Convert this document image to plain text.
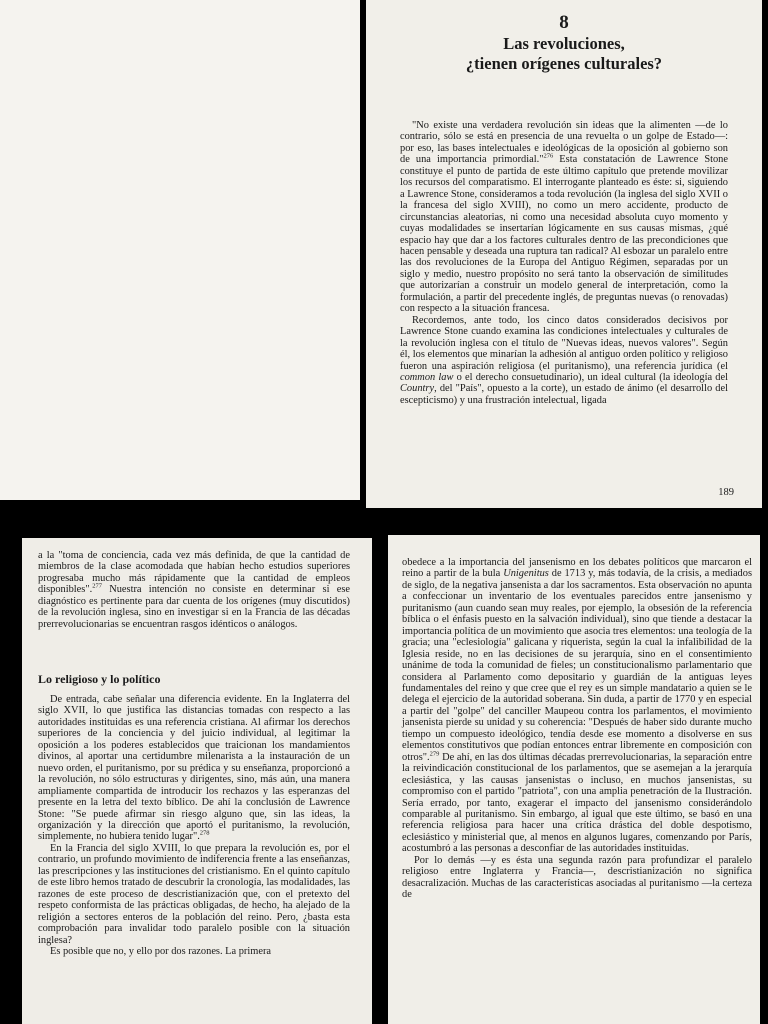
8
Las revoluciones,
¿tienen orígenes culturales?

"No existe una verdadera revolución sin ideas que la alimenten —de lo contrario, sólo se está en presencia de una revuelta o un golpe de Estado—: por eso, las bases intelectuales e ideológicas de la oposición al gobierno son de una importancia primordial."$^{276}$ Esta constatación de Lawrence Stone constituye el punto de partida de este último capítulo que pretende movilizar los recursos del comparatismo. El interrogante planteado es éste: si, siguiendo a Lawrence Stone, consideramos a toda revolución (la inglesa del siglo XVII o la francesa del siglo XVIII), no como un mero accidente, producto de circunstancias aleatorias, ni como una necesidad absoluta cuyo momento y cuyas modalidades se insertarían lógicamente en sus causas mismas, ¿qué espacio hay que dar a los factores culturales dentro de las precondiciones que hacen pensable y deseada una ruptura tan radical? Al esbozar un paralelo entre las dos revoluciones de la Europa del Antiguo Régimen, separadas por un siglo y medio, nuestro propósito no será tanto la observación de similitudes que autorizarían a construir un modelo general de interpretación, como la formulación, a partir del precedente inglés, de preguntas nuevas (o renovadas) con respecto a la situación francesa.

Recordemos, ante todo, los cinco datos considerados decisivos por Lawrence Stone cuando examina las condiciones intelectuales y culturales de la revolución inglesa con el título de "Nuevas ideas, nuevos valores". Según él, los elementos que minarían la adhesión al antiguo orden político y religioso fueron una aspiración religiosa (el puritanismo), una referencia jurídica (el common law o el derecho consuetudinario), un ideal cultural (la ideología del Country, del "País", opuesto a la corte), un estado de ánimo (el desarrollo del escepticismo) y una frustración intelectual, ligada

189

a la "toma de conciencia, cada vez más definida, de que la cantidad de miembros de la clase acomodada que habían hecho estudios superiores progresaba mucho más rápidamente que la cantidad de empleos disponibles".$^{277}$ Nuestra intención no consiste en determinar si ese diagnóstico es pertinente para dar cuenta de los orígenes (muy discutidos) de la revolución inglesa, sino en investigar si en la Francia de las décadas prerrevolucionarias se encuentran rasgos idénticos o análogos.

Lo religioso y lo político

De entrada, cabe señalar una diferencia evidente. En la Inglaterra del siglo XVII, lo que justifica las distancias tomadas con respecto a las autoridades instituidas es una referencia cristiana. Al afirmar los derechos superiores de la conciencia y del juicio individual, al legitimar la oposición a los poderes establecidos que traicionan los mandamientos divinos, al aportar una certidumbre milenarista a la instauración de un nuevo orden, el puritanismo, por su prédica y su enseñanza, proporcionó a la revolución, no sólo estructuras y dirigentes, sino, más aún, una manera ampliamente compartida de introducir los rechazos y las esperanzas del presente en la letra del texto bíblico. De ahí la conclusión de Lawrence Stone: "Se puede afirmar sin riesgo alguno que, sin las ideas, la organización y la dirección que aportó el puritanismo, la revolución, simplemente, no hubiera tenido lugar".$^{278}$

En la Francia del siglo XVIII, lo que prepara la revolución es, por el contrario, un profundo movimiento de indiferencia frente a las enseñanzas, las prescripciones y las instituciones del cristianismo. En el quinto capítulo de este libro hemos tratado de descubrir la cronología, las modalidades, las razones de este proceso de descristianización que, con el pretexto del respeto conformista de las prácticas obligadas, de hecho, ha alejado de la religión a sectores enteros de la población del reino. Pero, ¿basta esta comprobación para invalidar todo paralelo posible con la situación inglesa?

Es posible que no, y ello por dos razones. La primera

obedece a la importancia del jansenismo en los debates políticos que marcaron el reino a partir de la bula Unigenitus de 1713 y, más todavía, de la crisis, a mediados de siglo, de la negativa jansenista a dar los sacramentos. Esta observación no apunta a confeccionar un inventario de los eventuales parecidos entre jansenismo y puritanismo (aun cuando sean muy reales, por ejemplo, la obsesión de la referencia bíblica o el énfasis puesto en la salvación individual), sino que tiende a destacar la importancia política de un movimiento que asocia tres elementos: una teología de la gracia; una "eclesiología" galicana y riquerista, según la cual la infalibilidad de la Iglesia reside, no en las decisiones de su jerarquía, sino en el consentimiento unánime de toda la comunidad de fieles; un constitucionalismo parlamentario que considera al Parlamento como depositario y guardián de la antiguas leyes fundamentales del reino y que cree que el rey es un simple mandatario a quien se le delega el ejercicio de la autoridad soberana. Sin duda, a partir de 1770 y en especial a partir del "golpe" del canciller Maupeou contra los parlamentos, el movimiento jansenista pierde su unidad y su coherencia: "Después de haber sido durante mucho tiempo un compuesto ideológico, tendía desde ese momento a disolverse en sus elementos constitutivos que podían entonces entrar libremente en composición con otros".$^{279}$ De ahí, en las dos últimas décadas prerrevolucionarias, la separación entre la reivindicación constitucional de los parlamentos, que se asemejan a la jerarquía eclesiástica, y las causas jansenistas o incluso, en muchos jansenistas, su compromiso con el partido "patriota", con una amplia penetración de la Ilustración. Sería errado, por tanto, exagerar el impacto del jansenismo considerándolo comparable al puritanismo. Sin embargo, al igual que este último, se basó en una referencia religiosa para hacer una crítica drástica del doble despotismo, eclesiástico y ministerial que, al menos en algunos lugares, comenzando por París, acostumbró a las personas a desconfiar de las autoridades instituidas.

Por lo demás —y es ésta una segunda razón para profundizar el paralelo religioso entre Inglaterra y Francia—, descristianización no significa desacralización. Muchas de las características asociadas al puritanismo —la certeza de
